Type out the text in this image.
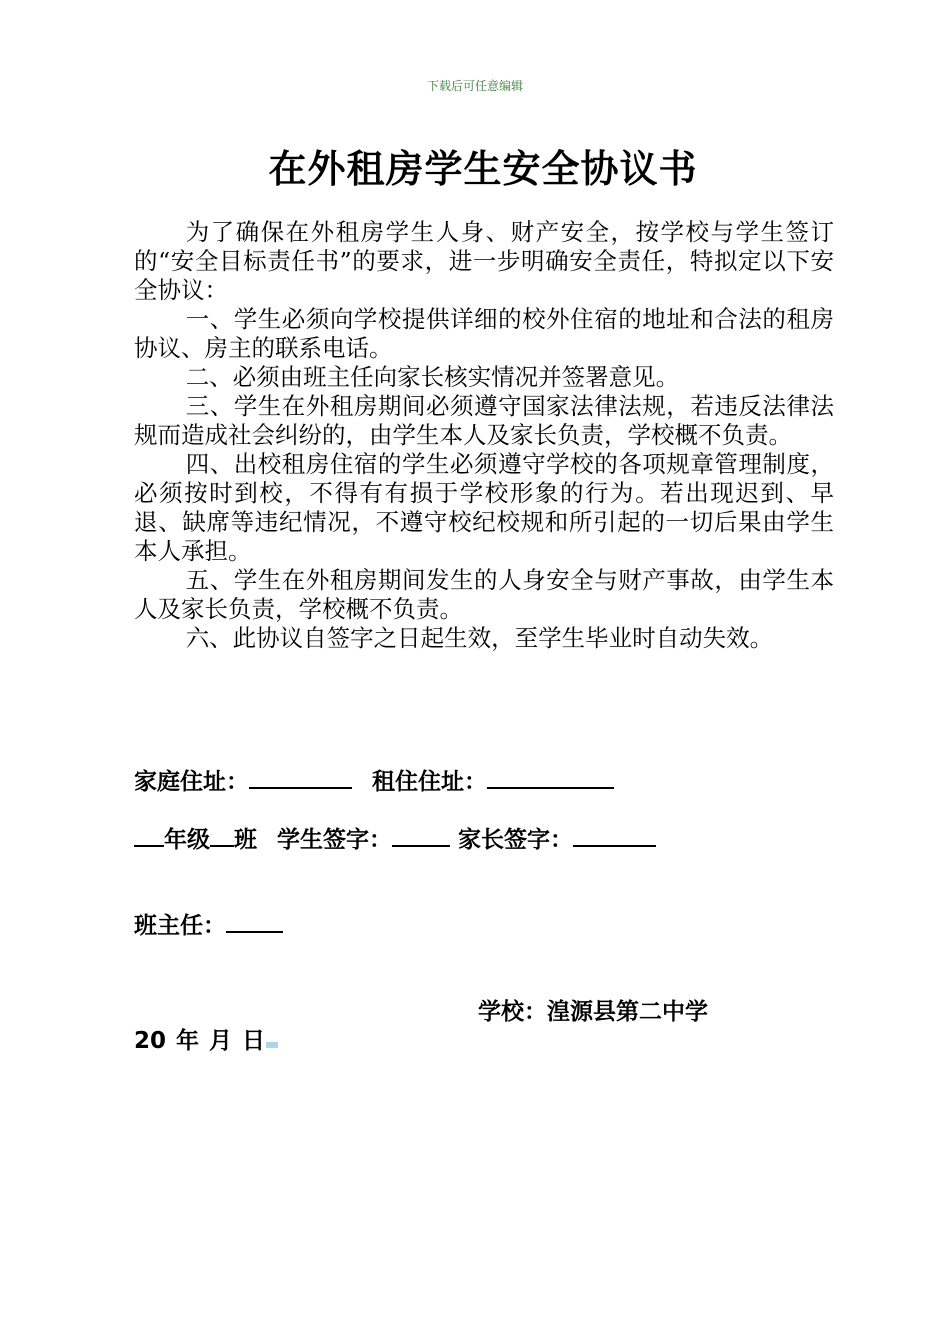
下载后可任意编辑
在外租房学生安全协议书

为了确保在外租房学生人身、财产安全，按学校与学生签订的“安全目标责任书”的要求，进一步明确安全责任，特拟定以下安全协议：

一、学生必须向学校提供详细的校外住宿的地址和合法的租房协议、房主的联系电话。

二、必须由班主任向家长核实情况并签署意见。

三、学生在外租房期间必须遵守国家法律法规，若违反法律法规而造成社会纠纷的，由学生本人及家长负责，学校概不负责。

四、出校租房住宿的学生必须遵守学校的各项规章管理制度，必须按时到校，不得有有损于学校形象的行为。若出现迟到、早退、缺席等违纪情况，不遵守校纪校规和所引起的一切后果由学生本人承担。

五、学生在外租房期间发生的人身安全与财产事故，由学生本人及家长负责，学校概不负责。

六、此协议自签字之日起生效，至学生毕业时自动失效。

家庭住址：	租住住址：
年级 班 学生签字：	家长签字：
班主任：
学校：湟源县第二中学
20 年 月 日
